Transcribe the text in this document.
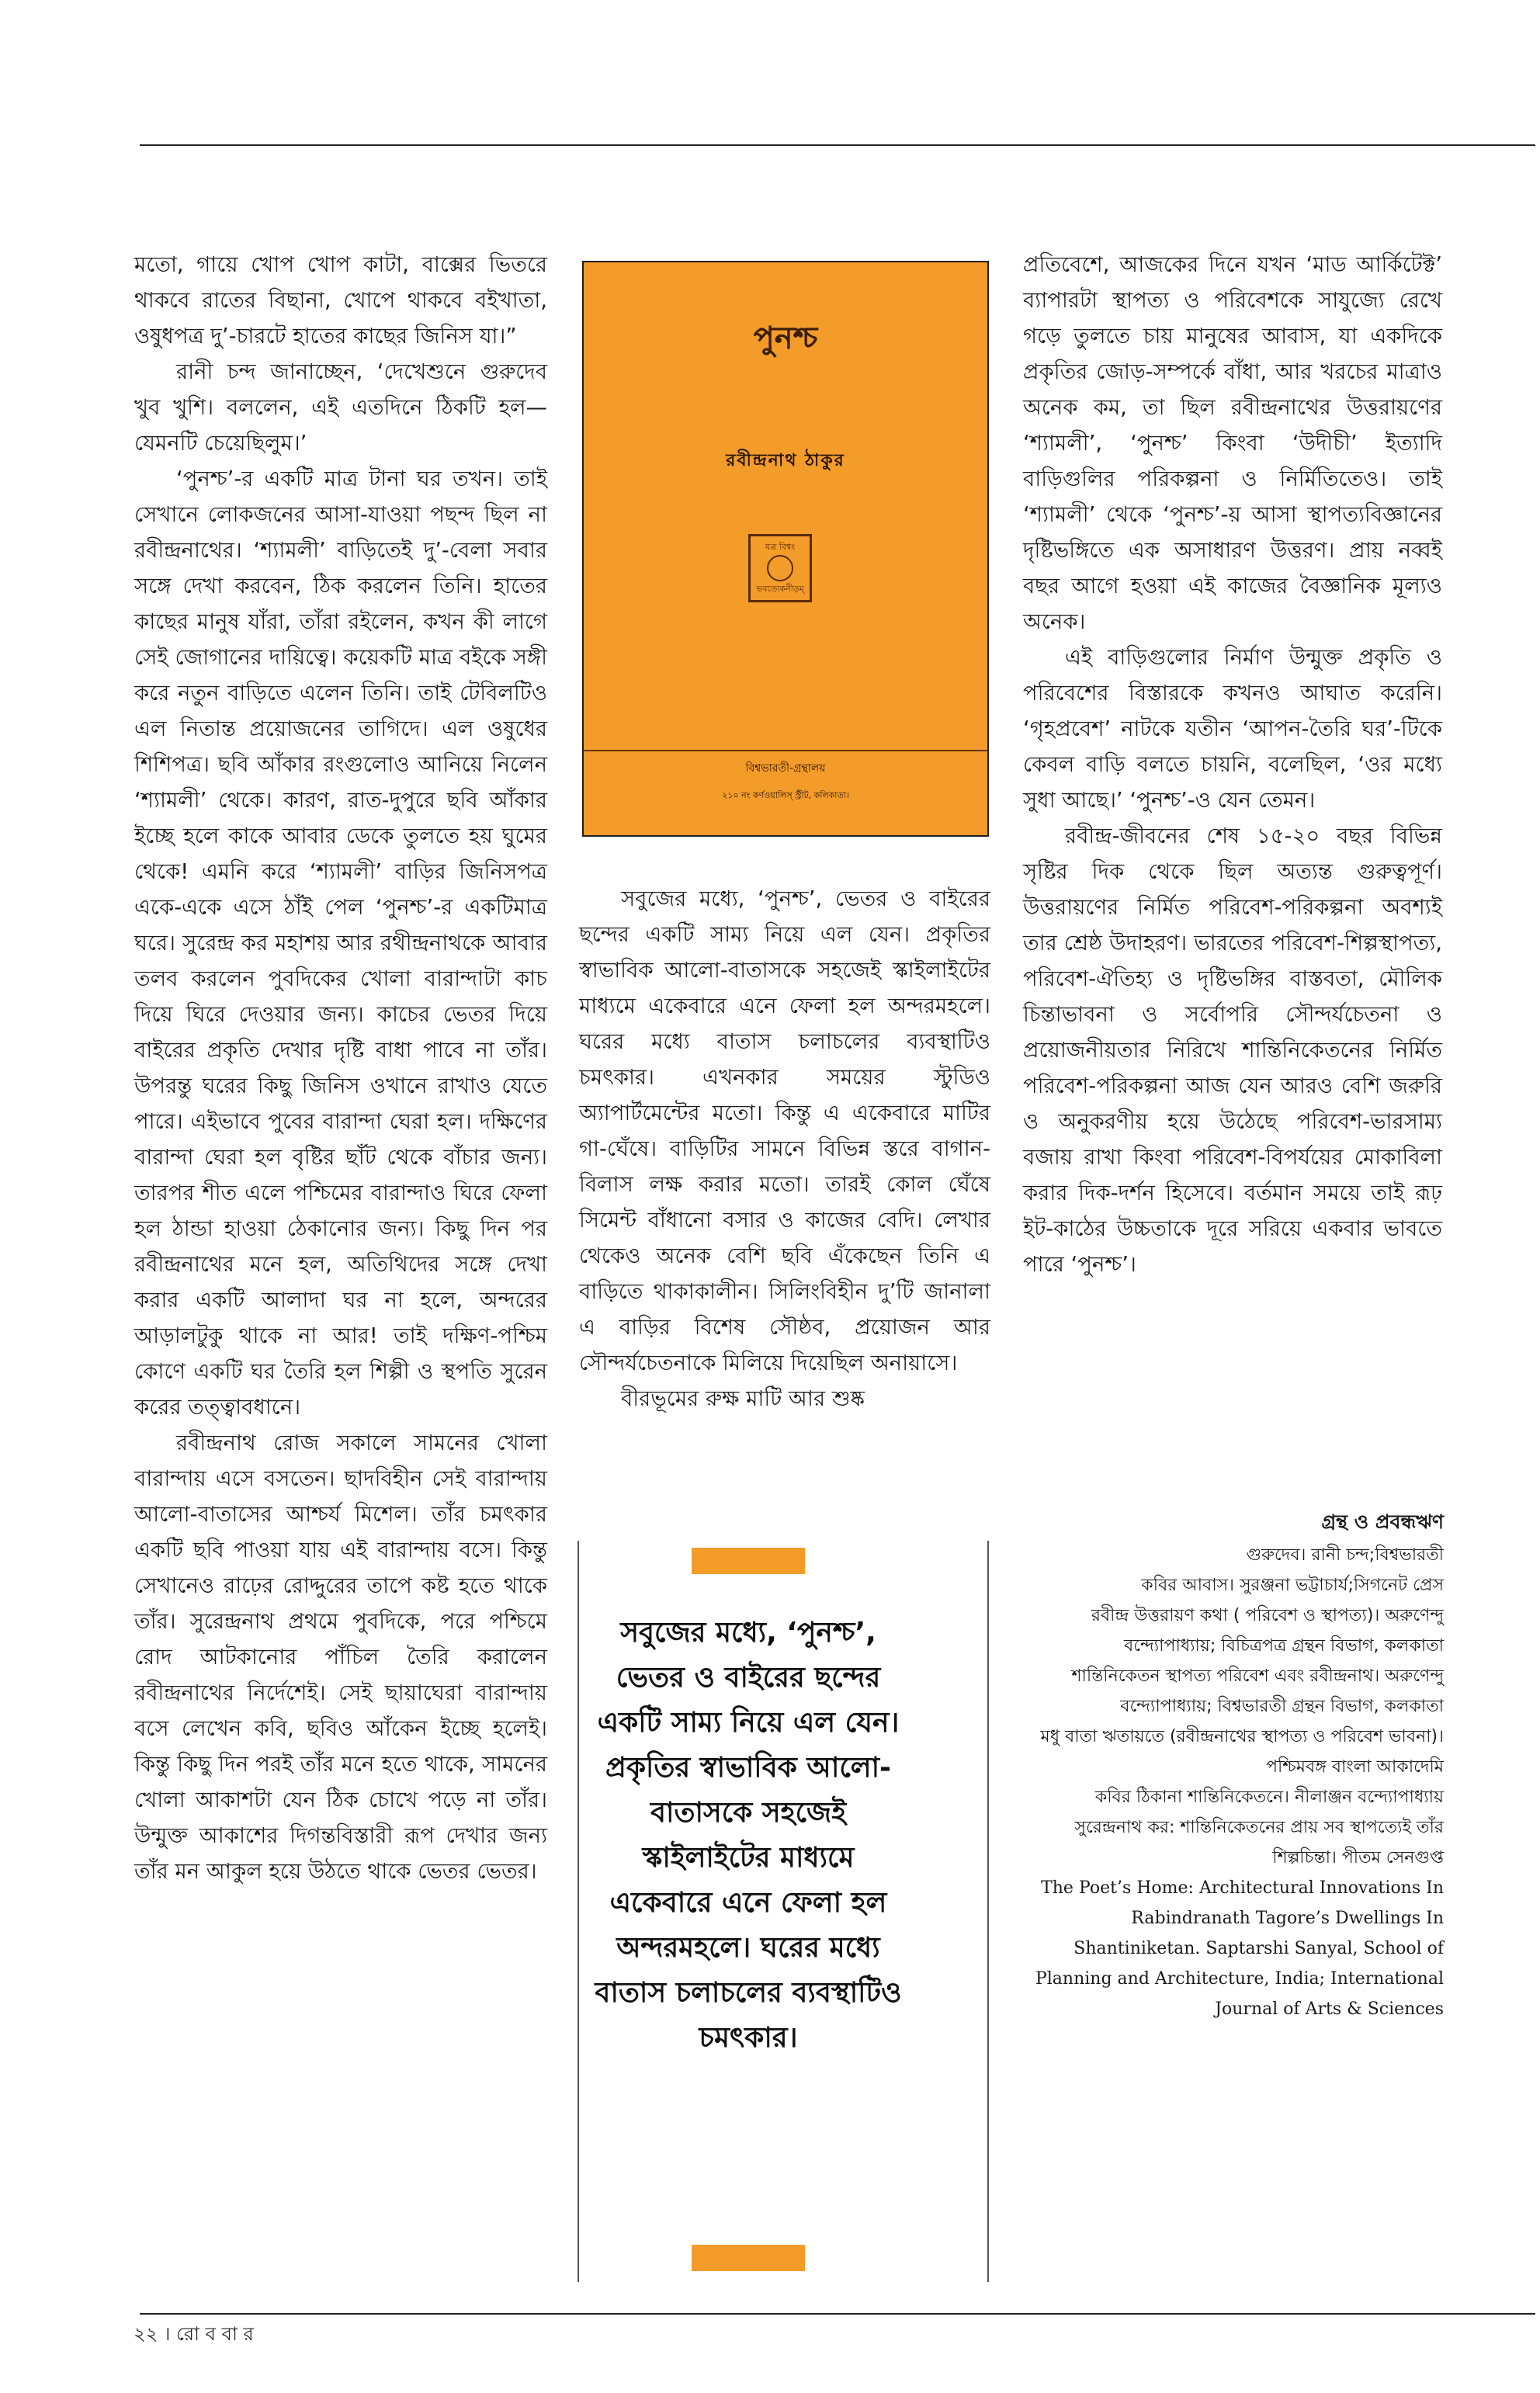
মতো, গায়ে খোপ খোপ কাটা, বাক্সের ভিতরে থাকবে রাতের বিছানা, খোপে থাকবে বইখাতা, ওষুধপত্র দু’-চারটে হাতের কাছের জিনিস যা।”

রানী চন্দ জানাচ্ছেন, ‘দেখেশুনে গুরুদেব খুব খুশি। বললেন, এই এতদিনে ঠিকটি হল— যেমনটি চেয়েছিলুম।’

‘পুনশ্চ’-র একটি মাত্র টানা ঘর তখন। তাই সেখানে লোকজনের আসা-যাওয়া পছন্দ ছিল না রবীন্দ্রনাথের। ‘শ্যামলী’ বাড়িতেই দু’-বেলা সবার সঙ্গে দেখা করবেন, ঠিক করলেন তিনি। হাতের কাছের মানুষ যাঁরা, তাঁরা রইলেন, কখন কী লাগে সেই জোগানের দায়িত্বে। কয়েকটি মাত্র বইকে সঙ্গী করে নতুন বাড়িতে এলেন তিনি। তাই টেবিলটিও এল নিতান্ত প্রয়োজনের তাগিদে। এল ওষুধের শিশিপত্র। ছবি আঁকার রংগুলোও আনিয়ে নিলেন ‘শ্যামলী’ থেকে। কারণ, রাত-দুপুরে ছবি আঁকার ইচ্ছে হলে কাকে আবার ডেকে তুলতে হয় ঘুমের থেকে! এমনি করে ‘শ্যামলী’ বাড়ির জিনিসপত্র একে-একে এসে ঠাঁই পেল ‘পুনশ্চ’-র একটিমাত্র ঘরে। সুরেন্দ্র কর মহাশয় আর রথীন্দ্রনাথকে আবার তলব করলেন পুবদিকের খোলা বারান্দাটা কাচ দিয়ে ঘিরে দেওয়ার জন্য। কাচের ভেতর দিয়ে বাইরের প্রকৃতি দেখার দৃষ্টি বাধা পাবে না তাঁর। উপরন্তু ঘরের কিছু জিনিস ওখানে রাখাও যেতে পারে। এইভাবে পুবের বারান্দা ঘেরা হল। দক্ষিণের বারান্দা ঘেরা হল বৃষ্টির ছাঁট থেকে বাঁচার জন্য। তারপর শীত এলে পশ্চিমের বারান্দাও ঘিরে ফেলা হল ঠান্ডা হাওয়া ঠেকানোর জন্য। কিছু দিন পর রবীন্দ্রনাথের মনে হল, অতিথিদের সঙ্গে দেখা করার একটি আলাদা ঘর না হলে, অন্দরের আড়ালটুকু থাকে না আর! তাই দক্ষিণ-পশ্চিম কোণে একটি ঘর তৈরি হল শিল্পী ও স্থপতি সুরেন করের তত্ত্বাবধানে।

রবীন্দ্রনাথ রোজ সকালে সামনের খোলা বারান্দায় এসে বসতেন। ছাদবিহীন সেই বারান্দায় আলো-বাতাসের আশ্চর্য মিশেল। তাঁর চমৎকার একটি ছবি পাওয়া যায় এই বারান্দায় বসে। কিন্তু সেখানেও রাঢ়ের রোদ্দুরের তাপে কষ্ট হতে থাকে তাঁর। সুরেন্দ্রনাথ প্রথমে পুবদিকে, পরে পশ্চিমে রোদ আটকানোর পাঁচিল তৈরি করালেন রবীন্দ্রনাথের নির্দেশেই। সেই ছায়াঘেরা বারান্দায় বসে লেখেন কবি, ছবিও আঁকেন ইচ্ছে হলেই। কিন্তু কিছু দিন পরই তাঁর মনে হতে থাকে, সামনের খোলা আকাশটা যেন ঠিক চোখে পড়ে না তাঁর। উন্মুক্ত আকাশের দিগন্তবিস্তারী রূপ দেখার জন্য তাঁর মন আকুল হয়ে উঠতে থাকে ভেতর ভেতর।

পুনশ্চ
রবীন্দ্রনাথ ঠাকুর
যত্র বিশ্বং
ভবত্যেকনীড়ম্
বিশ্বভারতী-গ্রন্থালয়
২১০ নং কর্ণওয়ালিস্ স্ট্রীট, কলিকাতা।

সবুজের মধ্যে, ‘পুনশ্চ’, ভেতর ও বাইরের ছন্দের একটি সাম্য নিয়ে এল যেন। প্রকৃতির স্বাভাবিক আলো-বাতাসকে সহজেই স্কাইলাইটের মাধ্যমে একেবারে এনে ফেলা হল অন্দরমহলে। ঘরের মধ্যে বাতাস চলাচলের ব্যবস্থাটিও চমৎকার। এখনকার সময়ের স্টুডিও অ্যাপার্টমেন্টের মতো। কিন্তু এ একেবারে মাটির গা-ঘেঁষে। বাড়িটির সামনে বিভিন্ন স্তরে বাগান-বিলাস লক্ষ করার মতো। তারই কোল ঘেঁষে সিমেন্ট বাঁধানো বসার ও কাজের বেদি। লেখার থেকেও অনেক বেশি ছবি এঁকেছেন তিনি এ বাড়িতে থাকাকালীন। সিলিংবিহীন দু’টি জানালা এ বাড়ির বিশেষ সৌষ্ঠব, প্রয়োজন আর সৌন্দর্যচেতনাকে মিলিয়ে দিয়েছিল অনায়াসে।

বীরভূমের রুক্ষ মাটি আর শুষ্ক

সবুজের মধ্যে, ‘পুনশ্চ’, ভেতর ও বাইরের ছন্দের একটি সাম্য নিয়ে এল যেন। প্রকৃতির স্বাভাবিক আলো-বাতাসকে সহজেই স্কাইলাইটের মাধ্যমে একেবারে এনে ফেলা হল অন্দরমহলে। ঘরের মধ্যে বাতাস চলাচলের ব্যবস্থাটিও চমৎকার।

প্রতিবেশে, আজকের দিনে যখন ‘মাড আর্কিটেক্ট’ ব্যাপারটা স্থাপত্য ও পরিবেশকে সাযুজ্যে রেখে গড়ে তুলতে চায় মানুষের আবাস, যা একদিকে প্রকৃতির জোড়-সম্পর্কে বাঁধা, আর খরচের মাত্রাও অনেক কম, তা ছিল রবীন্দ্রনাথের উত্তরায়ণের ‘শ্যামলী’, ‘পুনশ্চ’ কিংবা ‘উদীচী’ ইত্যাদি বাড়িগুলির পরিকল্পনা ও নির্মিতিতেও। তাই ‘শ্যামলী’ থেকে ‘পুনশ্চ’-য় আসা স্থাপত্যবিজ্ঞানের দৃষ্টিভঙ্গিতে এক অসাধারণ উত্তরণ। প্রায় নব্বই বছর আগে হওয়া এই কাজের বৈজ্ঞানিক মূল্যও অনেক।

এই বাড়িগুলোর নির্মাণ উন্মুক্ত প্রকৃতি ও পরিবেশের বিস্তারকে কখনও আঘাত করেনি। ‘গৃহপ্রবেশ’ নাটকে যতীন ‘আপন-তৈরি ঘর’-টিকে কেবল বাড়ি বলতে চায়নি, বলেছিল, ‘ওর মধ্যে সুধা আছে।’ ‘পুনশ্চ’-ও যেন তেমন।

রবীন্দ্র-জীবনের শেষ ১৫-২০ বছর বিভিন্ন সৃষ্টির দিক থেকে ছিল অত্যন্ত গুরুত্বপূর্ণ। উত্তরায়ণের নির্মিত পরিবেশ-পরিকল্পনা অবশ্যই তার শ্রেষ্ঠ উদাহরণ। ভারতের পরিবেশ-শিল্পস্থাপত্য, পরিবেশ-ঐতিহ্য ও দৃষ্টিভঙ্গির বাস্তবতা, মৌলিক চিন্তাভাবনা ও সর্বোপরি সৌন্দর্যচেতনা ও প্রয়োজনীয়তার নিরিখে শান্তিনিকেতনের নির্মিত পরিবেশ-পরিকল্পনা আজ যেন আরও বেশি জরুরি ও অনুকরণীয় হয়ে উঠেছে পরিবেশ-ভারসাম্য বজায় রাখা কিংবা পরিবেশ-বিপর্যয়ের মোকাবিলা করার দিক-দর্শন হিসেবে। বর্তমান সময়ে তাই রূঢ় ইট-কাঠের উচ্চতাকে দূরে সরিয়ে একবার ভাবতে পারে ‘পুনশ্চ’।

গ্রন্থ ও প্রবন্ধঋণ

গুরুদেব। রানী চন্দ;বিশ্বভারতী

কবির আবাস। সুরঞ্জনা ভট্টাচার্য;সিগনেট প্রেস

রবীন্দ্র উত্তরায়ণ কথা ( পরিবেশ ও স্থাপত্য)। অরুণেন্দু বন্দ্যোপাধ্যায়; বিচিত্রপত্র গ্রন্থন বিভাগ, কলকাতা

শান্তিনিকেতন স্থাপত্য পরিবেশ এবং রবীন্দ্রনাথ। অরুণেন্দু বন্দ্যোপাধ্যায়; বিশ্বভারতী গ্রন্থন বিভাগ, কলকাতা

মধু বাতা ঋতায়তে (রবীন্দ্রনাথের স্থাপত্য ও পরিবেশ ভাবনা)। পশ্চিমবঙ্গ বাংলা আকাদেমি

কবির ঠিকানা শান্তিনিকেতনে। নীলাঞ্জন বন্দ্যোপাধ্যায়

সুরেন্দ্রনাথ কর: শান্তিনিকেতনের প্রায় সব স্থাপত্যেই তাঁর শিল্পচিন্তা। পীতম সেনগুপ্ত

The Poet’s Home: Architectural Innovations In Rabindranath Tagore’s Dwellings In Shantiniketan. Saptarshi Sanyal, School of Planning and Architecture, India; International Journal of Arts & Sciences

২২ । রো ব বা র
